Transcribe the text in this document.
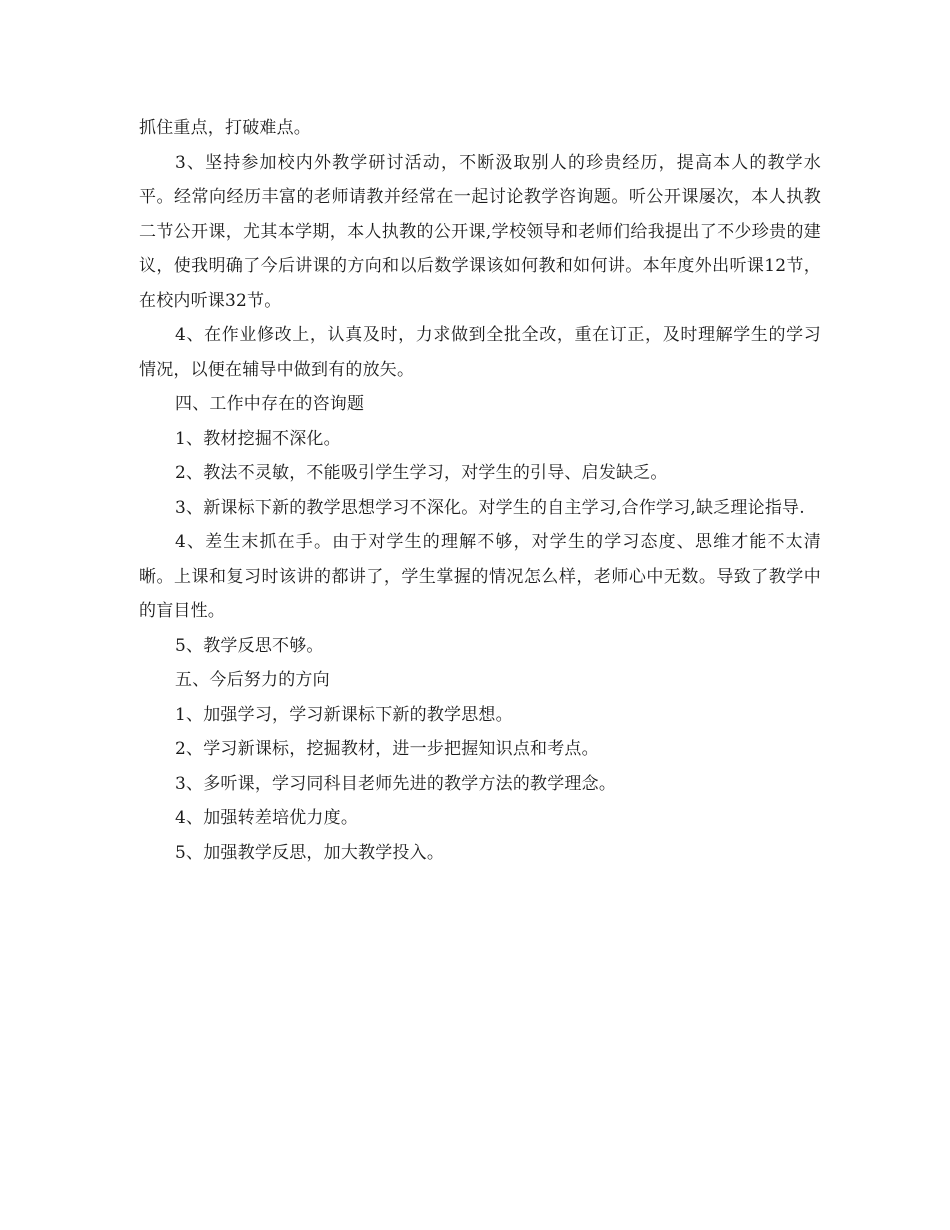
抓住重点，打破难点。

3、坚持参加校内外教学研讨活动，不断汲取别人的珍贵经历，提高本人的教学水平。经常向经历丰富的老师请教并经常在一起讨论教学咨询题。听公开课屡次，本人执教二节公开课，尤其本学期，本人执教的公开课,学校领导和老师们给我提出了不少珍贵的建议，使我明确了今后讲课的方向和以后数学课该如何教和如何讲。本年度外出听课12节，在校内听课32节。

4、在作业修改上，认真及时，力求做到全批全改，重在订正，及时理解学生的学习情况，以便在辅导中做到有的放矢。

四、工作中存在的咨询题

1、教材挖掘不深化。

2、教法不灵敏，不能吸引学生学习，对学生的引导、启发缺乏。

3、新课标下新的教学思想学习不深化。对学生的自主学习,合作学习,缺乏理论指导.

4、差生末抓在手。由于对学生的理解不够，对学生的学习态度、思维才能不太清晰。上课和复习时该讲的都讲了，学生掌握的情况怎么样，老师心中无数。导致了教学中的盲目性。

5、教学反思不够。

五、今后努力的方向

1、加强学习，学习新课标下新的教学思想。

2、学习新课标，挖掘教材，进一步把握知识点和考点。

3、多听课，学习同科目老师先进的教学方法的教学理念。

4、加强转差培优力度。

5、加强教学反思，加大教学投入。
